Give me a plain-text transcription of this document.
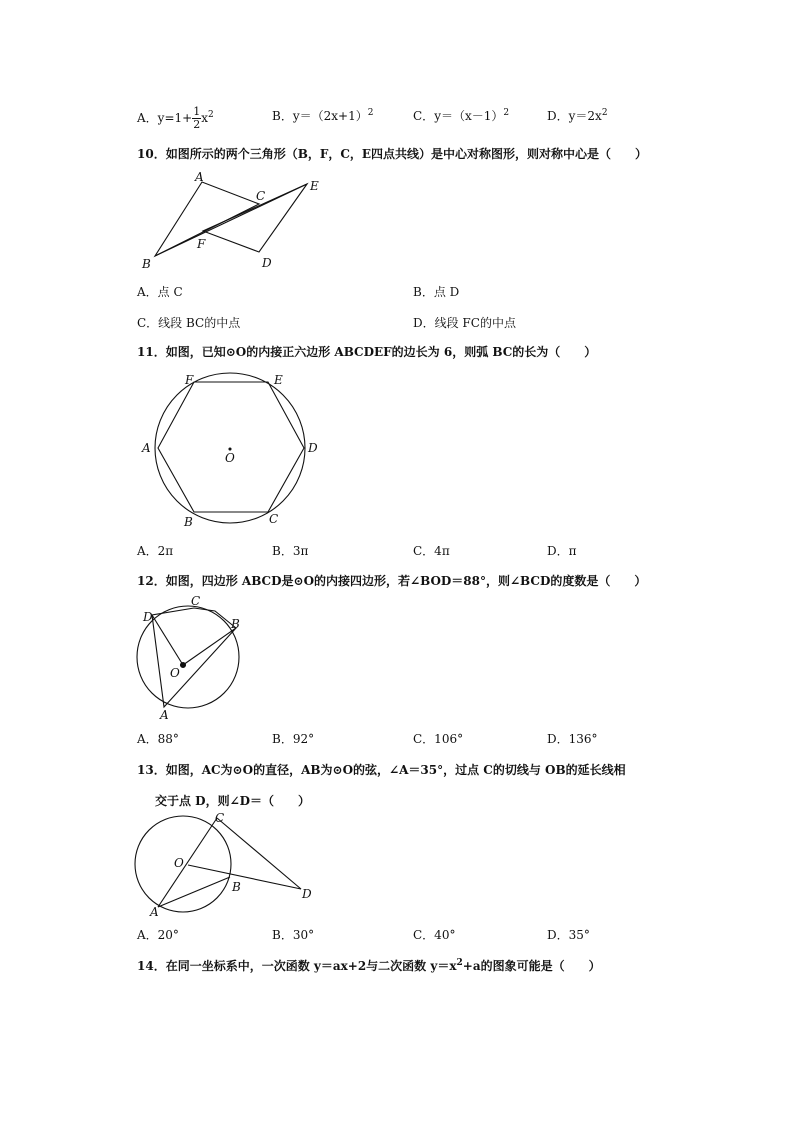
A．$y=1+ \frac{1}{2} x^2$	B．$y=(2x+1)^2$	C．$y=(x-1)^2$	D．$y=2x^2$
10．如图所示的两个三角形（B，F，C，E四点共线）是中心对称图形，则对称中心是（　　）
A
B
C
D
E
F
A．点 C	B．点 D
C．线段 BC的中点	D．线段 FC的中点
11．如图，已知⊙O的内接正六边形 ABCDEF的边长为 6，则弧 BC的长为（　　）
O
A
B	C
D
E
F
A．2π	B．3π	C．4π	D．π
12．如图，四边形 ABCD是⊙O的内接四边形，若∠BOD＝88°，则∠BCD的度数是（　　）
D
C
B
A
O
A．88°	B．92°	C．106°	D．136°
13．如图，AC为⊙O的直径，AB为⊙O的弦，∠A＝35°，过点 C的切线与 OB的延长线相
交于点 D，则∠D＝（　　）
C
O
B	D
A
A．20°	B．30°	C．40°	D．35°
14．在同一坐标系中，一次函数 y＝ax+2与二次函数 $y=x^2+a$的图象可能是（　　）
